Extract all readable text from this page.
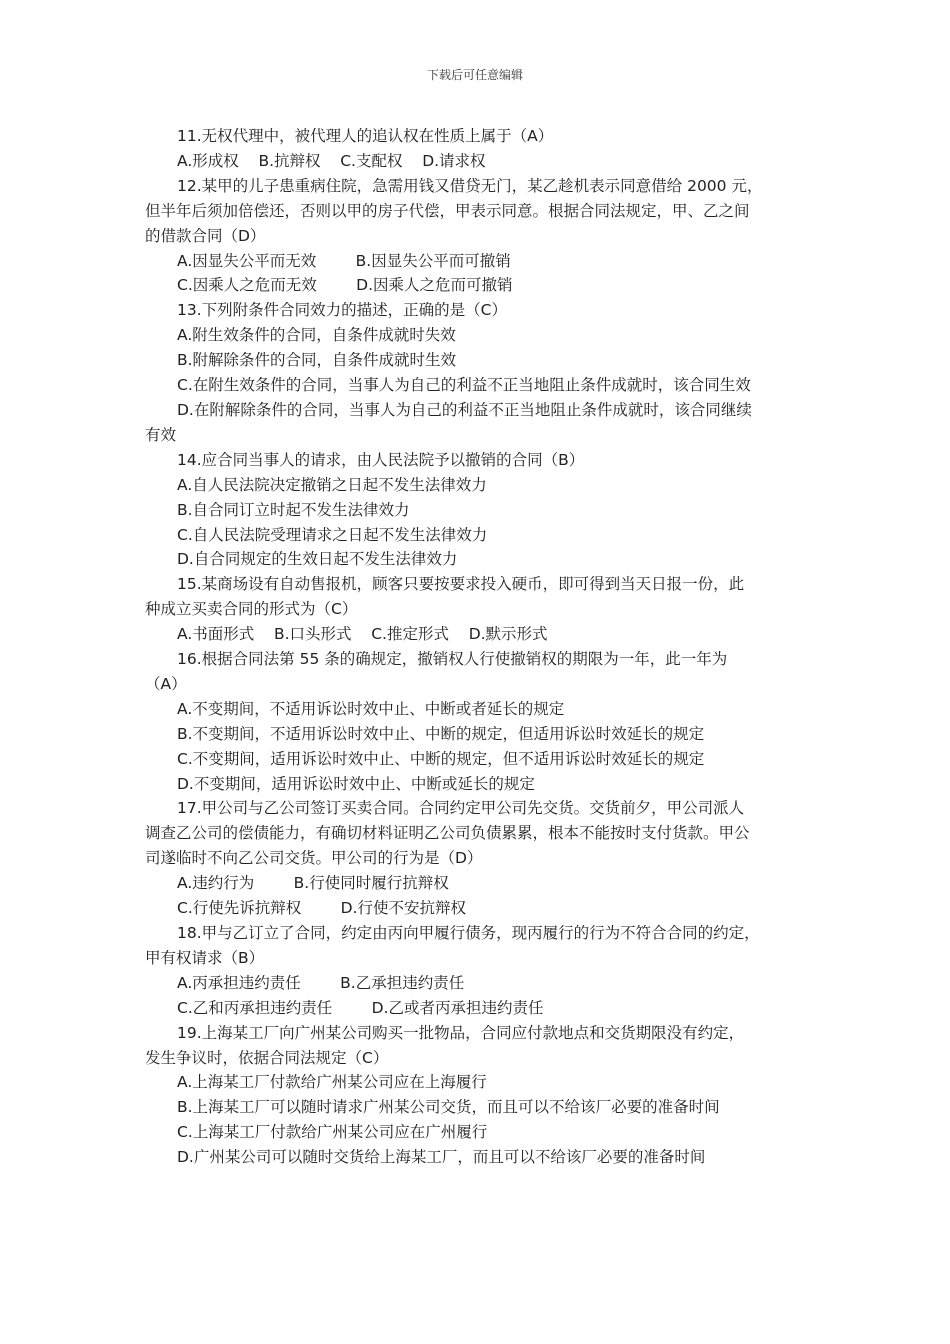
下载后可任意编辑

11.无权代理中，被代理人的追认权在性质上属于（A）

A.形成权    B.抗辩权    C.支配权    D.请求权

12.某甲的儿子患重病住院，急需用钱又借贷无门，某乙趁机表示同意借给 2000 元，

但半年后须加倍偿还，否则以甲的房子代偿，甲表示同意。根据合同法规定，甲、乙之间

的借款合同（D）

A.因显失公平而无效        B.因显失公平而可撤销

C.因乘人之危而无效        D.因乘人之危而可撤销

13.下列附条件合同效力的描述，正确的是（C）

A.附生效条件的合同，自条件成就时失效

B.附解除条件的合同，自条件成就时生效

C.在附生效条件的合同，当事人为自己的利益不正当地阻止条件成就时，该合同生效

D.在附解除条件的合同，当事人为自己的利益不正当地阻止条件成就时，该合同继续

有效

14.应合同当事人的请求，由人民法院予以撤销的合同（B）

A.自人民法院决定撤销之日起不发生法律效力

B.自合同订立时起不发生法律效力

C.自人民法院受理请求之日起不发生法律效力

D.自合同规定的生效日起不发生法律效力

15.某商场设有自动售报机，顾客只要按要求投入硬币，即可得到当天日报一份，此

种成立买卖合同的形式为（C）

A.书面形式    B.口头形式    C.推定形式    D.默示形式

16.根据合同法第 55 条的确规定，撤销权人行使撤销权的期限为一年，此一年为

（A）

A.不变期间，不适用诉讼时效中止、中断或者延长的规定

B.不变期间，不适用诉讼时效中止、中断的规定，但适用诉讼时效延长的规定

C.不变期间，适用诉讼时效中止、中断的规定，但不适用诉讼时效延长的规定

D.不变期间，适用诉讼时效中止、中断或延长的规定

17.甲公司与乙公司签订买卖合同。合同约定甲公司先交货。交货前夕，甲公司派人

调查乙公司的偿债能力，有确切材料证明乙公司负债累累，根本不能按时支付货款。甲公

司遂临时不向乙公司交货。甲公司的行为是（D）

A.违约行为        B.行使同时履行抗辩权

C.行使先诉抗辩权        D.行使不安抗辩权

18.甲与乙订立了合同，约定由丙向甲履行债务，现丙履行的行为不符合合同的约定，

甲有权请求（B）

A.丙承担违约责任        B.乙承担违约责任

C.乙和丙承担违约责任        D.乙或者丙承担违约责任

19.上海某工厂向广州某公司购买一批物品，合同应付款地点和交货期限没有约定，

发生争议时，依据合同法规定（C）

A.上海某工厂付款给广州某公司应在上海履行

B.上海某工厂可以随时请求广州某公司交货，而且可以不给该厂必要的准备时间

C.上海某工厂付款给广州某公司应在广州履行

D.广州某公司可以随时交货给上海某工厂，而且可以不给该厂必要的准备时间
